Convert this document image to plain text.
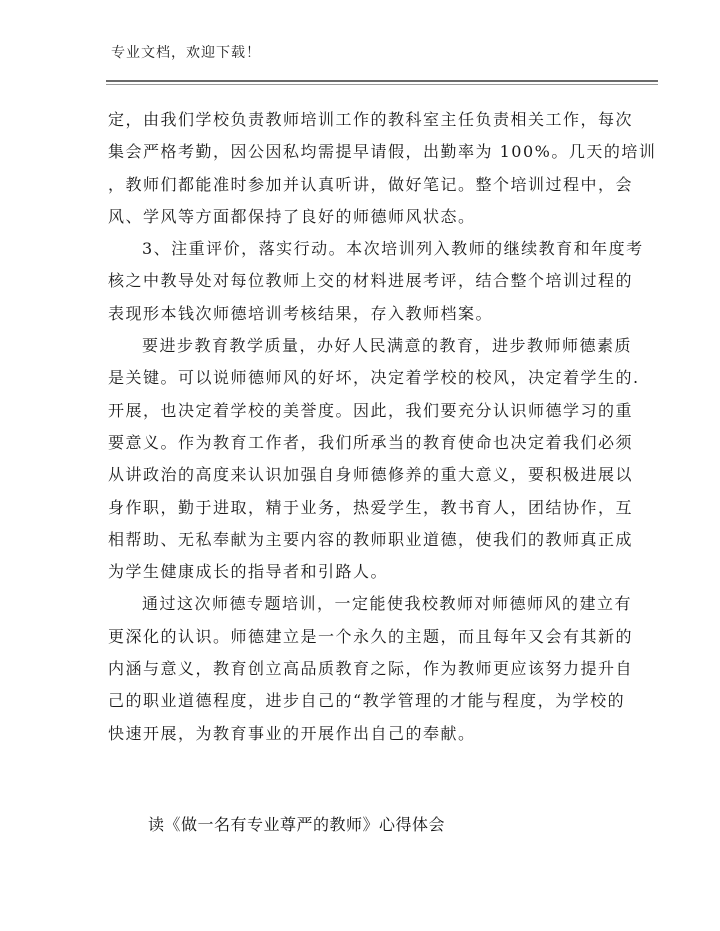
专业文档，欢迎下载！
定，由我们学校负责教师培训工作的教科室主任负责相关工作，每次
集会严格考勤，因公因私均需提早请假，出勤率为 100%。几天的培训
，教师们都能准时参加并认真听讲，做好笔记。整个培训过程中，会
风、学风等方面都保持了良好的师德师风状态。
3、注重评价，落实行动。本次培训列入教师的继续教育和年度考
核之中教导处对每位教师上交的材料进展考评，结合整个培训过程的
表现形本钱次师德培训考核结果，存入教师档案。
要进步教育教学质量，办好人民满意的教育，进步教师师德素质
是关键。可以说师德师风的好坏，决定着学校的校风，决定着学生的.
开展，也决定着学校的美誉度。因此，我们要充分认识师德学习的重
要意义。作为教育工作者，我们所承当的教育使命也决定着我们必须
从讲政治的高度来认识加强自身师德修养的重大意义，要积极进展以
身作职，勤于进取，精于业务，热爱学生，教书育人，团结协作，互
相帮助、无私奉献为主要内容的教师职业道德，使我们的教师真正成
为学生健康成长的指导者和引路人。
通过这次师德专题培训，一定能使我校教师对师德师风的建立有
更深化的认识。师德建立是一个永久的主题，而且每年又会有其新的
内涵与意义，教育创立高品质教育之际，作为教师更应该努力提升自
己的职业道德程度，进步自己的“教学管理的才能与程度，为学校的
快速开展，为教育事业的开展作出自己的奉献。
读《做一名有专业尊严的教师》心得体会
